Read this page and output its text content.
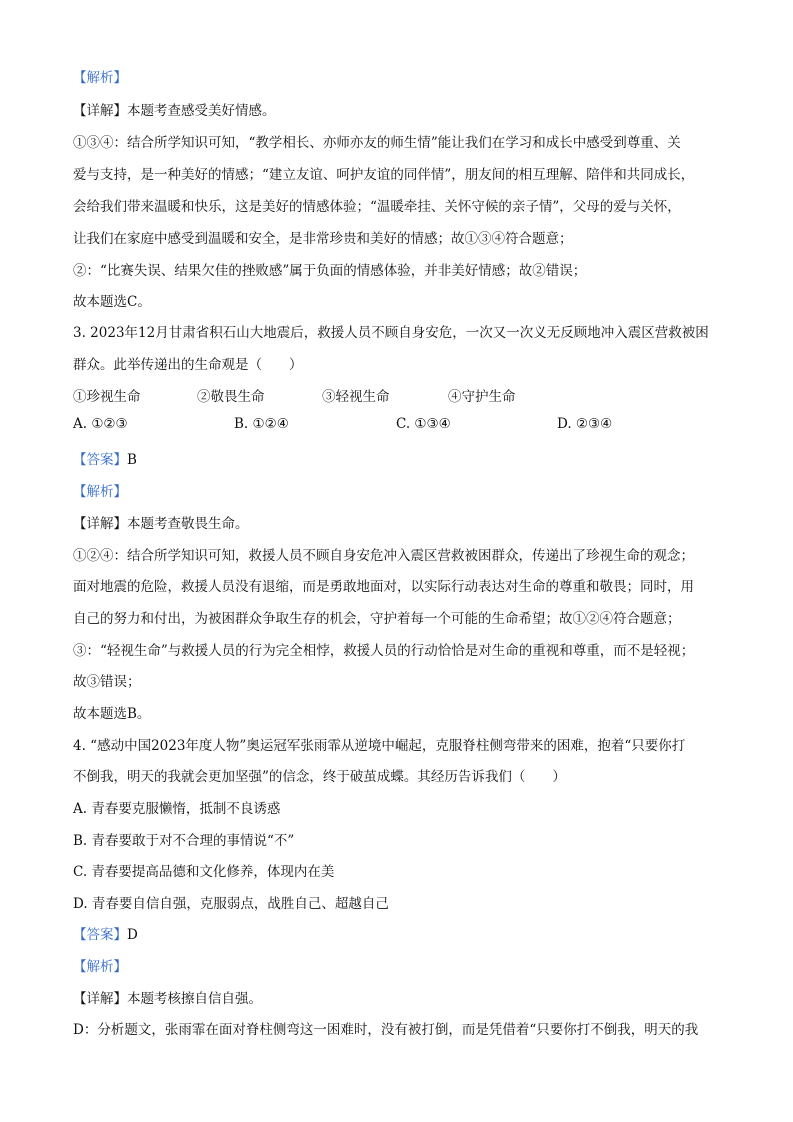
【解析】
【详解】本题考查感受美好情感。
①③④：结合所学知识可知，“教学相长、亦师亦友的师生情”能让我们在学习和成长中感受到尊重、关
爱与支持，是一种美好的情感；“建立友谊、呵护友谊的同伴情”，朋友间的相互理解、陪伴和共同成长，
会给我们带来温暖和快乐，这是美好的情感体验；“温暖牵挂、关怀守候的亲子情”，父母的爱与关怀，
让我们在家庭中感受到温暖和安全，是非常珍贵和美好的情感；故①③④符合题意；
②：“比赛失误、结果欠佳的挫败感”属于负面的情感体验，并非美好情感；故②错误；
故本题选C。
3. 2023年12月甘肃省积石山大地震后，救援人员不顾自身安危，一次又一次义无反顾地冲入震区营救被困
群众。此举传递出的生命观是（　　）
①珍视生命	②敬畏生命	③轻视生命	④守护生命
A. ①②③	B. ①②④	C. ①③④	D. ②③④
【答案】B
【解析】
【详解】本题考查敬畏生命。
①②④：结合所学知识可知，救援人员不顾自身安危冲入震区营救被困群众，传递出了珍视生命的观念；
面对地震的危险，救援人员没有退缩，而是勇敢地面对，以实际行动表达对生命的尊重和敬畏；同时，用
自己的努力和付出，为被困群众争取生存的机会，守护着每一个可能的生命希望；故①②④符合题意；
③：“轻视生命”与救援人员的行为完全相悖，救援人员的行动恰恰是对生命的重视和尊重，而不是轻视；
故③错误；
故本题选B。
4. “感动中国2023年度人物”奥运冠军张雨霏从逆境中崛起，克服脊柱侧弯带来的困难，抱着“只要你打
不倒我，明天的我就会更加坚强”的信念，终于破茧成蝶。其经历告诉我们（　　）
A. 青春要克服懒惰，抵制不良诱惑
B. 青春要敢于对不合理的事情说“不”
C. 青春要提高品德和文化修养，体现内在美
D. 青春要自信自强，克服弱点，战胜自己、超越自己
【答案】D
【解析】
【详解】本题考核擦自信自强。
D：分析题文，张雨霏在面对脊柱侧弯这一困难时，没有被打倒，而是凭借着“只要你打不倒我，明天的我
